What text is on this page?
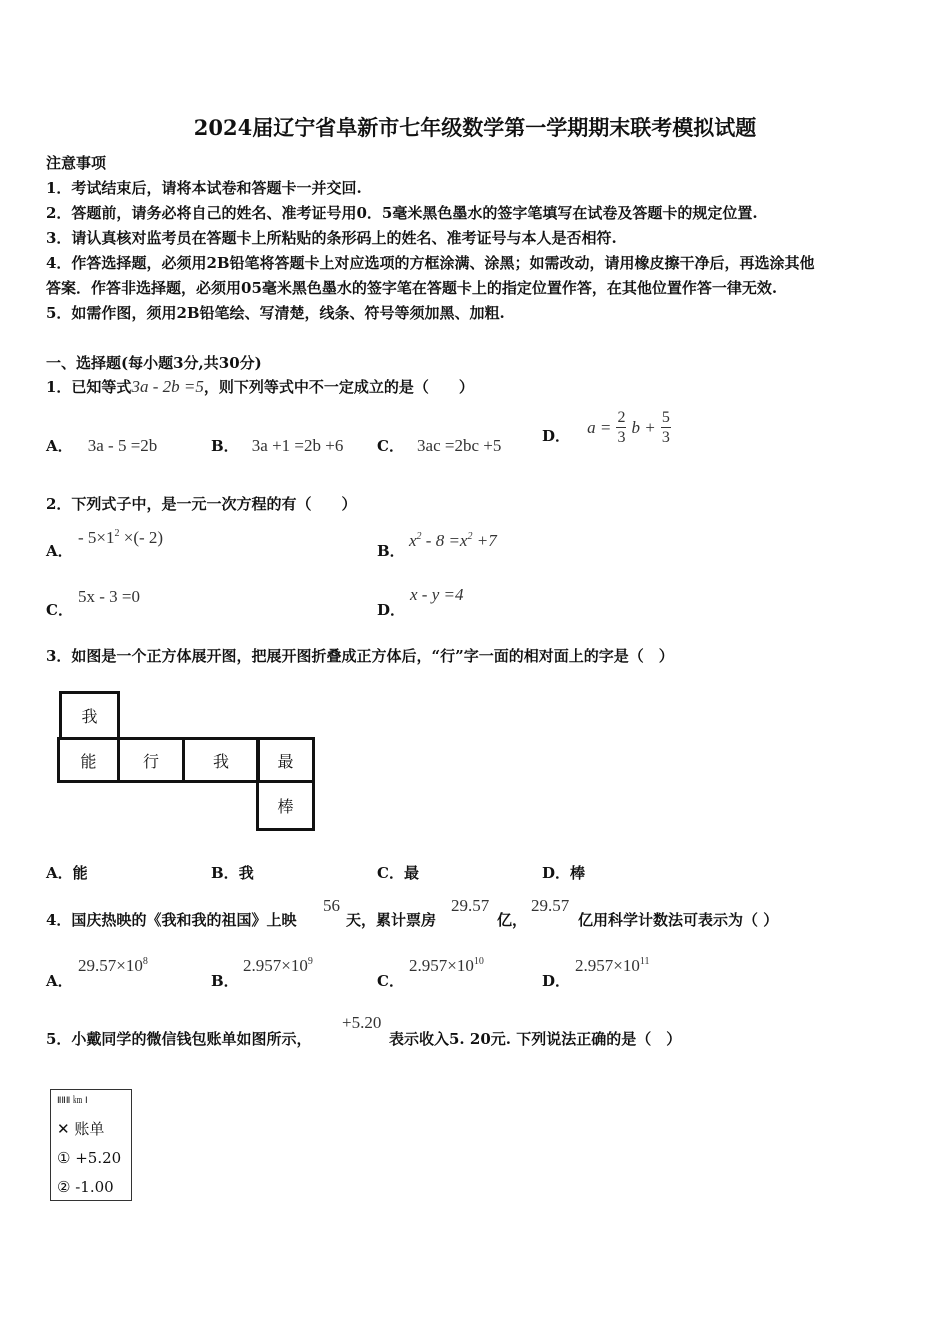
2024届辽宁省阜新市七年级数学第一学期期末联考模拟试题
注意事项
1．考试结束后，请将本试卷和答题卡一并交回.
2．答题前，请务必将自己的姓名、准考证号用0．5毫米黑色墨水的签字笔填写在试卷及答题卡的规定位置.
3．请认真核对监考员在答题卡上所粘贴的条形码上的姓名、准考证号与本人是否相符.
4．作答选择题，必须用2B铅笔将答题卡上对应选项的方框涂满、涂黑；如需改动，请用橡皮擦干净后，再选涂其他
答案．作答非选择题，必须用05毫米黑色墨水的签字笔在答题卡上的指定位置作答，在其他位置作答一律无效.
5．如需作图，须用2B铅笔绘、写清楚，线条、符号等须加黑、加粗.
一、选择题(每小题3分,共30分)
1．已知等式3a - 2b =5，则下列等式中不一定成立的是（　　）
A． 3a - 5 =2b	B． 3a +1 =2b +6 C． 3ac =2bc +5
D． $a = \frac{2}{3}$ $b + \frac{5}{3}$
2．下列式子中，是一元一次方程的有（　　）
A．
- $5\times 1^2$ ×(- 2)
B．
$x^2 - 8 =x^2 +7$
C．
5x - 3 =0
D．
x - y =4
3．如图是一个正方体展开图，把展开图折叠成正方体后，“行”字一面的相对面上的字是（　）
我
能	行	我	最
棒
A．能	B．我	C．最	D．棒
4．国庆热映的《我和我的祖国》上映
56
天，累计票房
29.57
亿，
29.57
亿用科学计数法可表示为（ ）
A．
$29.57\times 10^8$
B．
$2.957\times 10^9$
C．
$2.957\times 10^{10}$
D．
$2.957\times 10^{11}$
5．小戴同学的微信钱包账单如图所示，
+5.20
表示收入5. 20元. 下列说法正确的是（　）
ⅡⅡⅡ ㎞ Ⅰ
✕ 账单
① +5.20
② -1.00
